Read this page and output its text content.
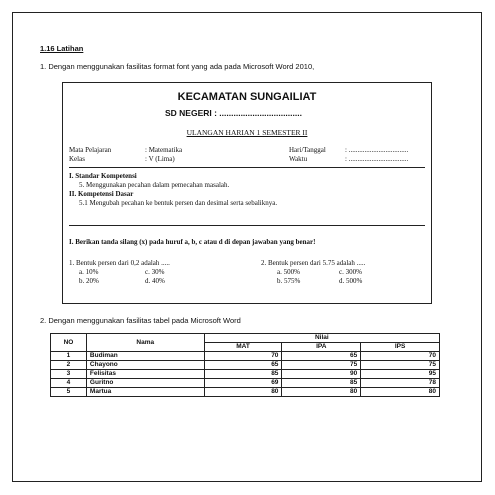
1.16 Latihan
1. Dengan menggunakan fasilitas format font yang ada pada Microsoft Word 2010,
KECAMATAN SUNGAILIAT
SD NEGERI : ...................................
ULANGAN HARIAN 1 SEMESTER II
Mata Pelajaran	: Matematika
Kelas	: V (Lima)
Hari/Tanggal	: ..................................
Waktu	: ..................................
I. Standar Kompetensi
5. Menggunakan pecahan dalam pemecahan masalah.
II. Kompetensi Dasar
5.1 Mengubah pecahan ke bentuk persen dan desimal serta sebaliknya.
I. Berikan tanda silang (x) pada huruf a, b, c atau d di depan jawaban yang benar!
1. Bentuk persen dari 0,2 adalah .....
a. 10%	c. 30%
b. 20%	d. 40%
2. Bentuk persen dari 5.75 adalah .....
a. 500%	c. 300%
b. 575%	d. 500%
2. Dengan menggunakan fasilitas tabel pada Microsoft Word
NO	Nama	Nilai		
		MAT	IPA	IPS
1	Budiman	70	65	70
2	Chayono	65	75	75
3	Felisitas	85	90	95
4	Guritno	69	85	78
5	Martua	80	80	80
